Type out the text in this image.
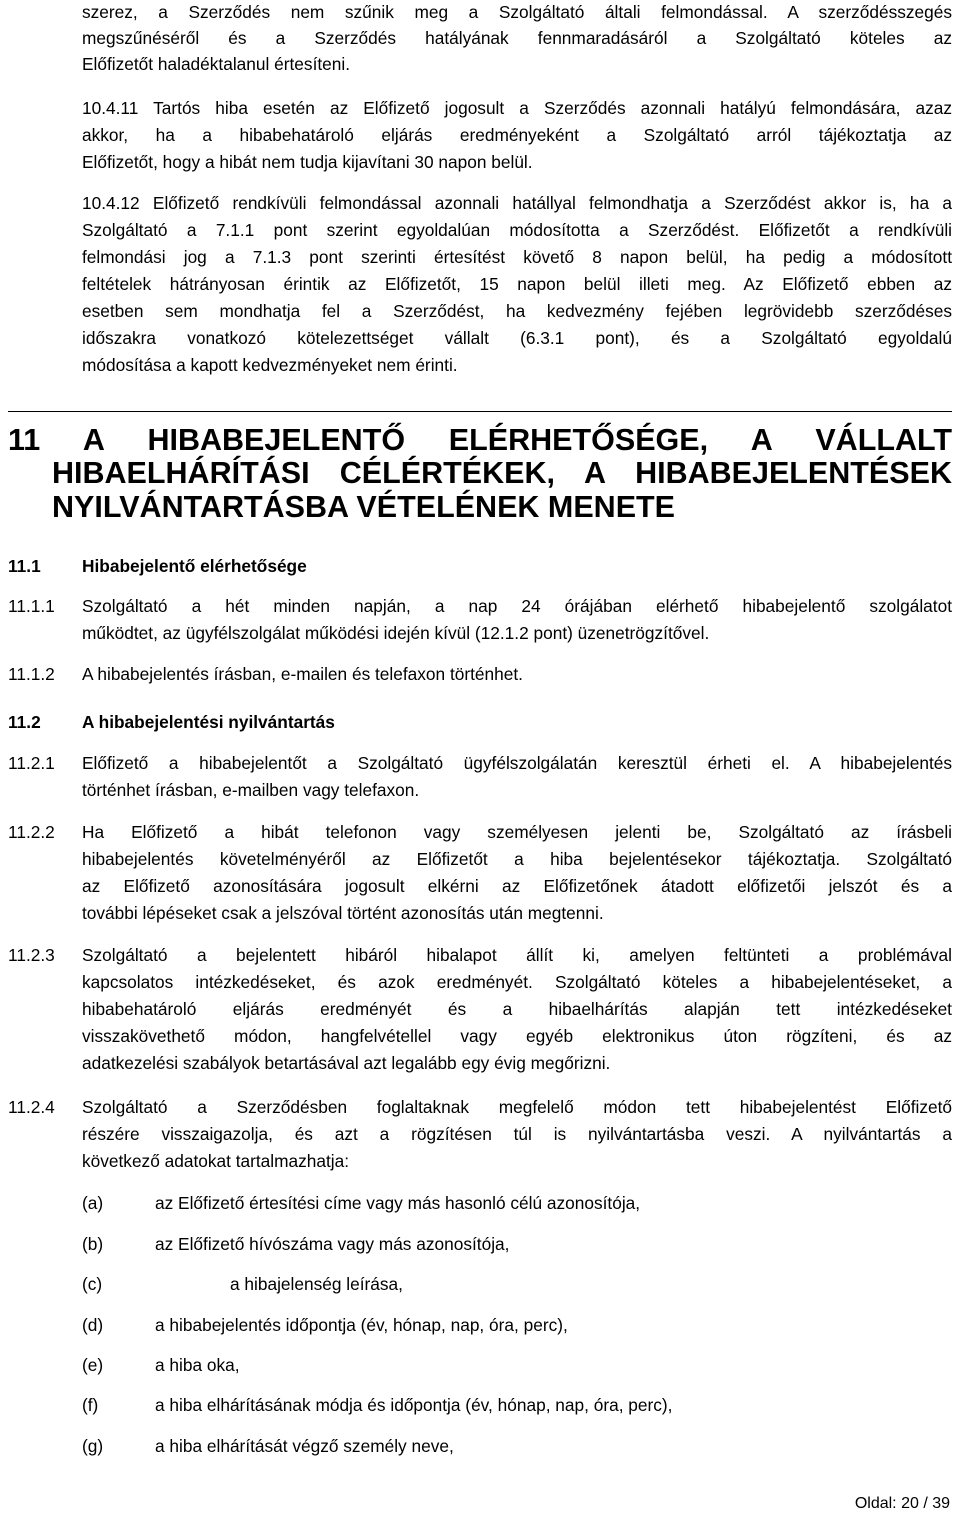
szerez, a Szerződés nem szűnik meg a Szolgáltató általi felmondással. A szerződésszegés
megszűnéséről és a Szerződés hatályának fennmaradásáról a Szolgáltató köteles az
Előfizetőt haladéktalanul értesíteni.
10.4.11 Tartós hiba esetén az Előfizető jogosult a Szerződés azonnali hatályú felmondására, azaz
akkor, ha a hibabehatároló eljárás eredményeként a Szolgáltató arról tájékoztatja az
Előfizetőt, hogy a hibát nem tudja kijavítani 30 napon belül.
10.4.12 Előfizető rendkívüli felmondással azonnali hatállyal felmondhatja a Szerződést akkor is, ha a
Szolgáltató a 7.1.1 pont szerint egyoldalúan módosította a Szerződést. Előfizetőt a rendkívüli
felmondási jog a 7.1.3 pont szerinti értesítést követő 8 napon belül, ha pedig a módosított
feltételek hátrányosan érintik az Előfizetőt, 15 napon belül illeti meg. Az Előfizető ebben az
esetben sem mondhatja fel a Szerződést, ha kedvezmény fejében legrövidebb szerződéses
időszakra vonatkozó kötelezettséget vállalt (6.3.1 pont), és a Szolgáltató egyoldalú
módosítása a kapott kedvezményeket nem érinti.
11 A HIBABEJELENTŐ ELÉRHETŐSÉGE, A VÁLLALT
HIBAELHÁRÍTÁSI CÉLÉRTÉKEK, A HIBABEJELENTÉSEK
NYILVÁNTARTÁSBA VÉTELÉNEK MENETE
11.1 Hibabejelentő elérhetősége
11.1.1 Szolgáltató a hét minden napján, a nap 24 órájában elérhető hibabejelentő szolgálatot
működtet, az ügyfélszolgálat működési idején kívül (12.1.2 pont) üzenetrögzítővel.
11.1.2 A hibabejelentés írásban, e-mailen és telefaxon történhet.
11.2 A hibabejelentési nyilvántartás
11.2.1 Előfizető a hibabejelentőt a Szolgáltató ügyfélszolgálatán keresztül érheti el. A hibabejelentés
történhet írásban, e-mailben vagy telefaxon.
11.2.2 Ha Előfizető a hibát telefonon vagy személyesen jelenti be, Szolgáltató az írásbeli
hibabejelentés követelményéről az Előfizetőt a hiba bejelentésekor tájékoztatja. Szolgáltató
az Előfizető azonosítására jogosult elkérni az Előfizetőnek átadott előfizetői jelszót és a
további lépéseket csak a jelszóval történt azonosítás után megtenni.
11.2.3 Szolgáltató a bejelentett hibáról hibalapot állít ki, amelyen feltünteti a problémával
kapcsolatos intézkedéseket, és azok eredményét. Szolgáltató köteles a hibabejelentéseket, a
hibabehatároló eljárás eredményét és a hibaelhárítás alapján tett intézkedéseket
visszakövethető módon, hangfelvétellel vagy egyéb elektronikus úton rögzíteni, és az
adatkezelési szabályok betartásával azt legalább egy évig megőrizni.
11.2.4 Szolgáltató a Szerződésben foglaltaknak megfelelő módon tett hibabejelentést Előfizető
részére visszaigazolja, és azt a rögzítésen túl is nyilvántartásba veszi. A nyilvántartás a
következő adatokat tartalmazhatja:
(a)	az Előfizető értesítési címe vagy más hasonló célú azonosítója,
(b)	az Előfizető hívószáma vagy más azonosítója,
(c)	a hibajelenség leírása,
(d)	a hibabejelentés időpontja (év, hónap, nap, óra, perc),
(e)	a hiba oka,
(f)	a hiba elhárításának módja és időpontja (év, hónap, nap, óra, perc),
(g)	a hiba elhárítását végző személy neve,
Oldal: 20 / 39
